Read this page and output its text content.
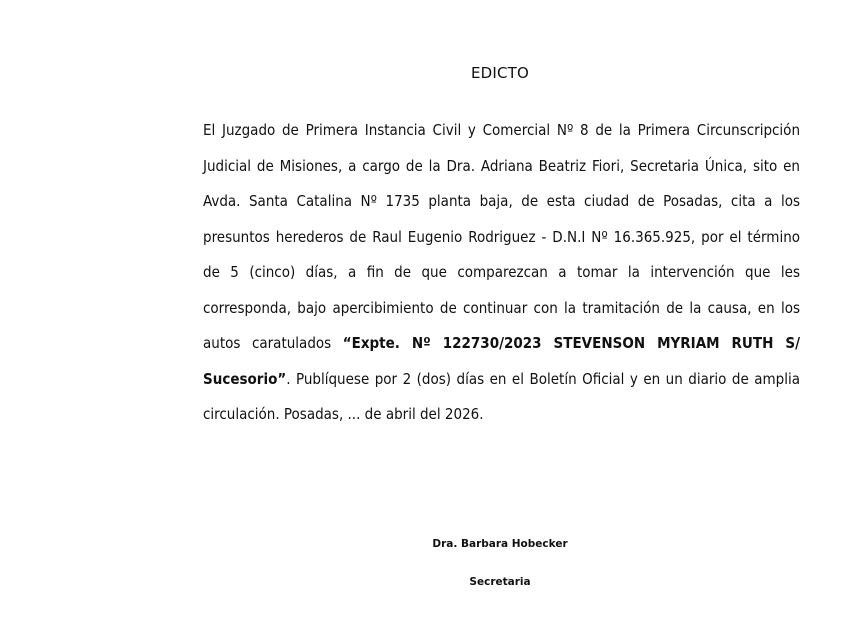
EDICTO
El Juzgado de Primera Instancia Civil y Comercial Nº 8 de la Primera Circunscripción Judicial de Misiones, a cargo de la Dra. Adriana Beatriz Fiori, Secretaria Única, sito en Avda. Santa Catalina Nº 1735 planta baja, de esta ciudad de Posadas, cita a los presuntos herederos de Raul Eugenio Rodriguez - D.N.I Nº 16.365.925, por el término de 5 (cinco) días, a fin de que comparezcan a tomar la intervención que les corresponda, bajo apercibimiento de continuar con la tramitación de la causa, en los autos caratulados “Expte. Nº 122730/2023 STEVENSON MYRIAM RUTH S/ Sucesorio”. Publíquese por 2 (dos) días en el Boletín Oficial y en un diario de amplia circulación. Posadas, ... de abril del 2026.
Dra. Barbara Hobecker
Secretaria
